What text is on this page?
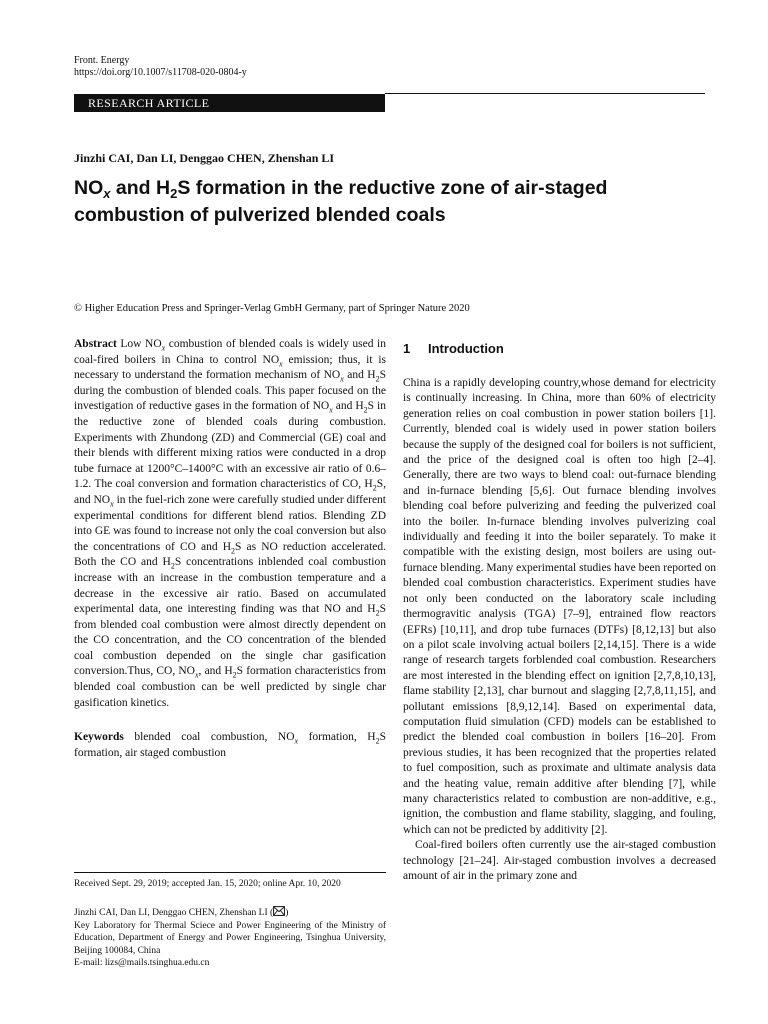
Front. Energy
https://doi.org/10.1007/s11708-020-0804-y
RESEARCH ARTICLE
Jinzhi CAI, Dan LI, Denggao CHEN, Zhenshan LI
$NO_x$ and $H_2S$ formation in the reductive zone of air-staged combustion of pulverized blended coals
© Higher Education Press and Springer-Verlag GmbH Germany, part of Springer Nature 2020

Abstract Low $NO_x$ combustion of blended coals is widely used in coal-fired boilers in China to control $NO_x$ emission; thus, it is necessary to understand the formation mechanism of $NO_x$ and $H_2S$ during the combustion of blended coals. This paper focused on the investigation of reductive gases in the formation of $NO_x$ and $H_2S$ in the reductive zone of blended coals during combustion. Experiments with Zhundong (ZD) and Commercial (GE) coal and their blends with different mixing ratios were conducted in a drop tube furnace at 1200°C–1400°C with an excessive air ratio of 0.6–1.2. The coal conversion and formation characteristics of CO, $H_2S$, and $NO_x$ in the fuel-rich zone were carefully studied under different experimental conditions for different blend ratios. Blending ZD into GE was found to increase not only the coal conversion but also the concentrations of CO and $H_2S$ as NO reduction accelerated. Both the CO and $H_2S$ concentrations inblended coal combustion increase with an increase in the combustion temperature and a decrease in the excessive air ratio. Based on accumulated experimental data, one interesting finding was that NO and $H_2S$ from blended coal combustion were almost directly dependent on the CO concentration, and the CO concentration of the blended coal combustion depended on the single char gasification conversion.Thus, CO, $NO_x$, and $H_2S$ formation characteristics from blended coal combustion can be well predicted by single char gasification kinetics.

Keywords blended coal combustion, $NO_x$ formation, $H_2S$ formation, air staged combustion

Received Sept. 29, 2019; accepted Jan. 15, 2020; online Apr. 10, 2020

Jinzhi CAI, Dan LI, Denggao CHEN, Zhenshan LI ( )

Key Laboratory for Thermal Sciece and Power Engineering of the Ministry of Education, Department of Energy and Power Engineering, Tsinghua University, Beijing 100084, China

E-mail: lizs@mails.tsinghua.edu.cn

1 Introduction

China is a rapidly developing country,whose demand for electricity is continually increasing. In China, more than 60% of electricity generation relies on coal combustion in power station boilers [1]. Currently, blended coal is widely used in power station boilers because the supply of the designed coal for boilers is not sufficient, and the price of the designed coal is often too high [2–4]. Generally, there are two ways to blend coal: out-furnace blending and in-furnace blending [5,6]. Out furnace blending involves blending coal before pulverizing and feeding the pulverized coal into the boiler. In-furnace blending involves pulverizing coal individually and feeding it into the boiler separately. To make it compatible with the existing design, most boilers are using out-furnace blending. Many experimental studies have been reported on blended coal combustion characteristics. Experiment studies have not only been conducted on the laboratory scale including thermogravitic analysis (TGA) [7–9], entrained flow reactors (EFRs) [10,11], and drop tube furnaces (DTFs) [8,12,13] but also on a pilot scale involving actual boilers [2,14,15]. There is a wide range of research targets forblended coal combustion. Researchers are most interested in the blending effect on ignition [2,7,8,10,13], flame stability [2,13], char burnout and slagging [2,7,8,11,15], and pollutant emissions [8,9,12,14]. Based on experimental data, computation fluid simulation (CFD) models can be established to predict the blended coal combustion in boilers [16–20]. From previous studies, it has been recognized that the properties related to fuel composition, such as proximate and ultimate analysis data and the heating value, remain additive after blending [7], while many characteristics related to combustion are non-additive, e.g., ignition, the combustion and flame stability, slagging, and fouling, which can not be predicted by additivity [2].

Coal-fired boilers often currently use the air-staged combustion technology [21–24]. Air-staged combustion involves a decreased amount of air in the primary zone and
